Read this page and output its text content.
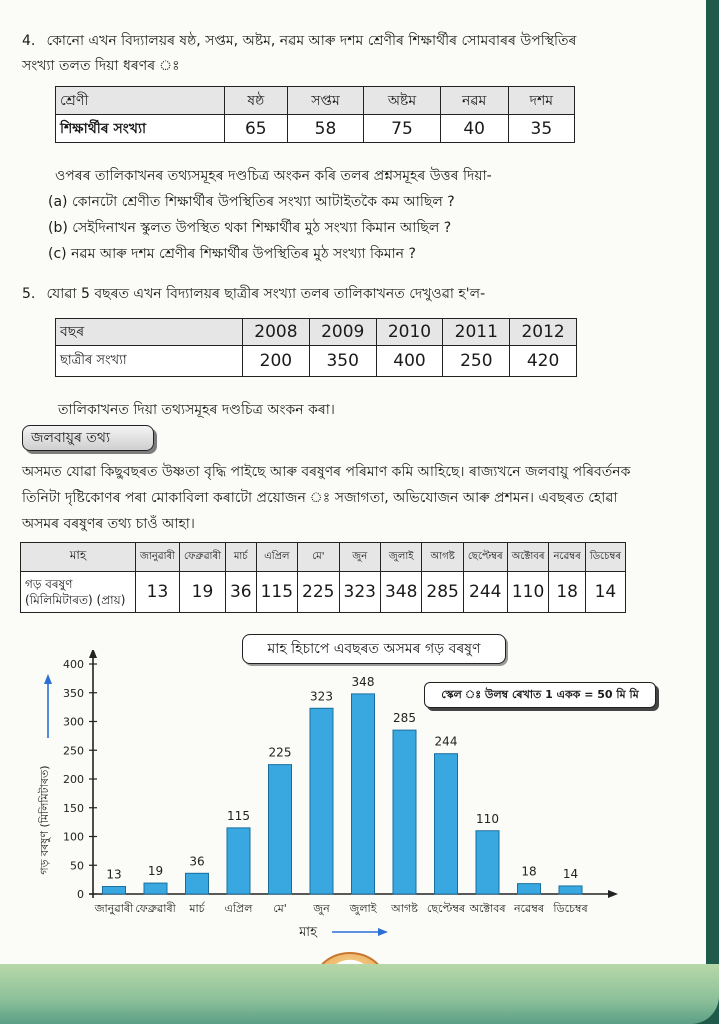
4. কোনো এখন বিদ্যালয়ৰ ষষ্ঠ, সপ্তম, অষ্টম, নৱম আৰু দশম শ্ৰেণীৰ শিক্ষাৰ্থীৰ সোমবাৰৰ উপস্থিতিৰ
সংখ্যা তলত দিয়া ধৰণৰ ঃ
শ্ৰেণী	ষষ্ঠ	সপ্তম	অষ্টম	নৱম	দশম
শিক্ষাৰ্থীৰ সংখ্যা	65	58	75	40	35
ওপৰৰ তালিকাখনৰ তথ্যসমূহৰ দণ্ডচিত্ৰ অংকন কৰি তলৰ প্ৰশ্নসমূহৰ উত্তৰ দিয়া-
(a) কোনটো শ্ৰেণীত শিক্ষাৰ্থীৰ উপস্থিতিৰ সংখ্যা আটাইতকৈ কম আছিল ?
(b) সেইদিনাখন স্কুলত উপস্থিত থকা শিক্ষাৰ্থীৰ মুঠ সংখ্যা কিমান আছিল ?
(c) নৱম আৰু দশম শ্ৰেণীৰ শিক্ষাৰ্থীৰ উপস্থিতিৰ মুঠ সংখ্যা কিমান ?
5. যোৱা 5 বছৰত এখন বিদ্যালয়ৰ ছাত্ৰীৰ সংখ্যা তলৰ তালিকাখনত দেখুওৱা হ'ল-
বছৰ	2008	2009	2010	2011	2012
ছাত্ৰীৰ সংখ্যা	200	350	400	250	420
তালিকাখনত দিয়া তথ্যসমূহৰ দণ্ডচিত্ৰ অংকন কৰা।
জলবায়ুৰ তথ্য
অসমত যোৱা কিছুবছৰত উষ্ণতা বৃদ্ধি পাইছে আৰু বৰষুণৰ পৰিমাণ কমি আহিছে। ৰাজ্যখনে জলবায়ু পৰিবৰ্তনক
তিনিটা দৃষ্টিকোণৰ পৰা মোকাবিলা কৰাটো প্ৰয়োজন ঃ সজাগতা, অভিযোজন আৰু প্ৰশমন। এবছৰত হোৱা
অসমৰ বৰষুণৰ তথ্য চাওঁ আহা।
মাহ	জানুৱাৰী	ফেব্ৰুৱাৰী	মাৰ্চ	এপ্ৰিল	মে'	জুন	জুলাই	আগষ্ট	ছেপ্টেম্বৰ	অক্টোবৰ	নৱেম্বৰ	ডিচেম্বৰ

গড় বৰষুণ
(মিলিমিটাৰত) (প্ৰায়)	13	19	36	115	225	323	348	285	244	110	18	14
মাহ হিচাপে এবছৰত অসমৰ গড় বৰষুণ
স্কেল ঃ উলম্ব ৰেখাত 1 একক = 50 মি মি
0
50
100
150
200
250
300
350
400
গড় বৰষুণ (মিলিমিটাৰত)	13
জানুৱাৰী
19
ফেব্ৰুৱাৰী
36
মাৰ্চ
115
এপ্ৰিল
225
মে'
323
জুন
348
জুলাই
285
আগষ্ট
244
ছেপ্টেম্বৰ
110
অক্টোবৰ
18
নৱেম্বৰ
14
ডিচেম্বৰ
মাহ
